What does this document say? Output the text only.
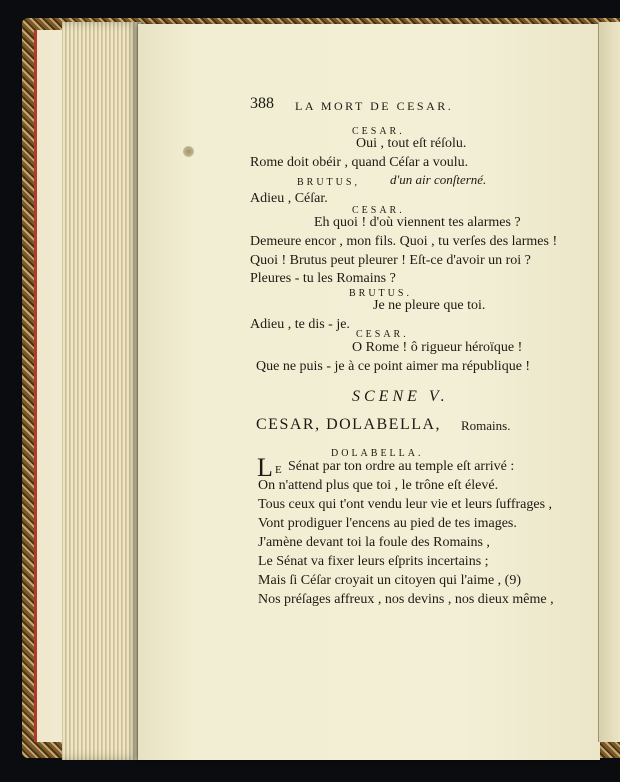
388 LA MORT DE CESAR.
CESAR.
Oui , tout eſt réſolu.
Rome doit obéir , quand Céſar a voulu.
BRUTUS, d'un air conſterné.
Adieu , Céſar.
CESAR.
Eh quoi ! d'où viennent tes alarmes ?
Demeure encor , mon fils. Quoi , tu verſes des larmes !
Quoi ! Brutus peut pleurer ! Eſt-ce d'avoir un roi ?
Pleures - tu les Romains ?
BRUTUS.
Je ne pleure que toi.
Adieu , te dis - je.
CESAR.
O Rome ! ô rigueur héroïque !
Que ne puis - je à ce point aimer ma république !
SCENE V.
CESAR, DOLABELLA, Romains.
DOLABELLA.
L E Sénat par ton ordre au temple eſt arrivé :
On n'attend plus que toi , le trône eſt élevé.
Tous ceux qui t'ont vendu leur vie et leurs ſuffrages ,
Vont prodiguer l'encens au pied de tes images.
J'amène devant toi la foule des Romains ,
Le Sénat va fixer leurs eſprits incertains ;
Mais ſi Céſar croyait un citoyen qui l'aime , (9)
Nos préſages affreux , nos devins , nos dieux même ,
